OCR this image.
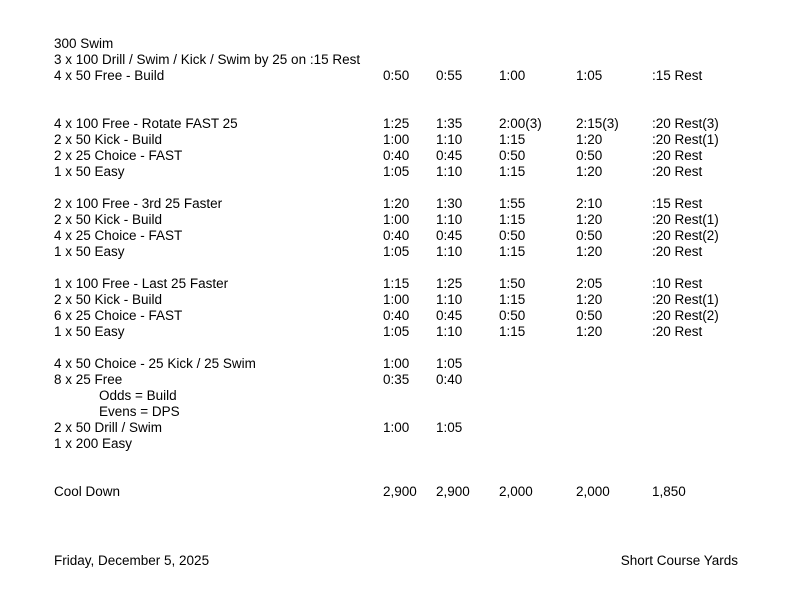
300 Swim
3 x 100 Drill / Swim / Kick / Swim by 25 on :15 Rest
4 x 50 Free - Build	0:50 0:55	1:00	1:05	:15 Rest
4 x 100 Free - Rotate FAST 25	1:25 1:35	2:00(3)	2:15(3) :20 Rest(3)
2 x 50 Kick - Build	1:00 1:10	1:15	1:20	:20 Rest(1)
2 x 25 Choice - FAST	0:40 0:45	0:50	0:50	:20 Rest
1 x 50 Easy	1:05 1:10	1:15	1:20	:20 Rest
2 x 100 Free - 3rd 25 Faster	1:20 1:30	1:55	2:10	:15 Rest
2 x 50 Kick - Build	1:00 1:10	1:15	1:20	:20 Rest(1)
4 x 25 Choice - FAST	0:40 0:45	0:50	0:50	:20 Rest(2)
1 x 50 Easy	1:05 1:10	1:15	1:20	:20 Rest
1 x 100 Free - Last 25 Faster	1:15 1:25	1:50	2:05	:10 Rest
2 x 50 Kick - Build	1:00 1:10	1:15	1:20	:20 Rest(1)
6 x 25 Choice - FAST	0:40 0:45	0:50	0:50	:20 Rest(2)
1 x 50 Easy	1:05 1:10	1:15	1:20	:20 Rest
4 x 50 Choice - 25 Kick / 25 Swim	1:00 1:05
8 x 25 Free	0:35 0:40
Odds = Build
Evens = DPS
2 x 50 Drill / Swim	1:00 1:05
1 x 200 Easy
Cool Down	2,900 2,900 2,000	2,000	1,850
Friday, December 5, 2025	Short Course Yards
